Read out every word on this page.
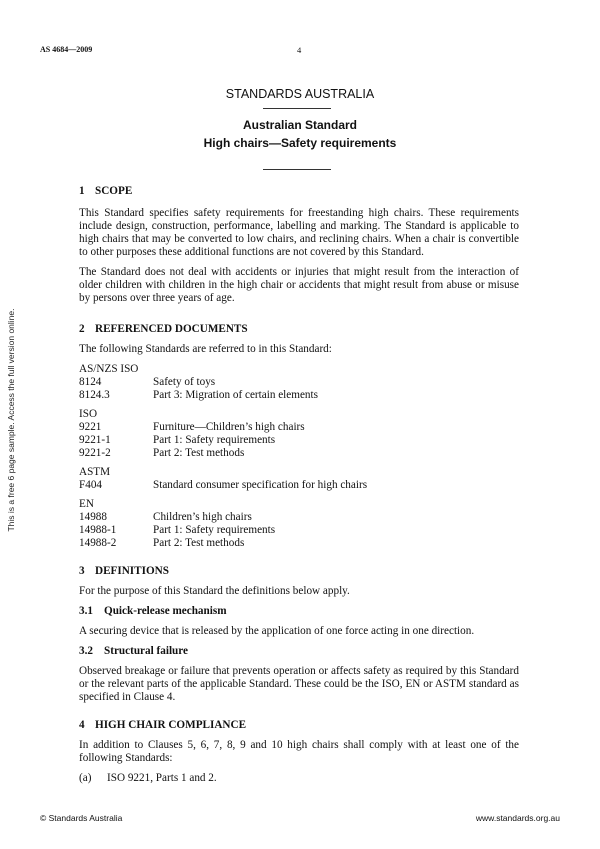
AS 4684—2009	4
This is a free 6 page sample. Access the full version online.
STANDARDS AUSTRALIA
Australian Standard
High chairs—Safety requirements
1 SCOPE

This Standard specifies safety requirements for freestanding high chairs. These requirements include design, construction, performance, labelling and marking. The Standard is applicable to high chairs that may be converted to low chairs, and reclining chairs. When a chair is convertible to other purposes these additional functions are not covered by this Standard.

The Standard does not deal with accidents or injuries that might result from the interaction of older children with children in the high chair or accidents that might result from abuse or misuse by persons over three years of age.

2 REFERENCED DOCUMENTS

The following Standards are referred to in this Standard:

AS/NZS ISO
8124	Safety of toys
8124.3	Part 3: Migration of certain elements
ISO
9221	Furniture—Children’s high chairs
9221-1	Part 1: Safety requirements
9221-2	Part 2: Test methods
ASTM
F404	Standard consumer specification for high chairs
EN
14988	Children’s high chairs
14988-1	Part 1: Safety requirements
14988-2	Part 2: Test methods
3 DEFINITIONS

For the purpose of this Standard the definitions below apply.

3.1 Quick-release mechanism

A securing device that is released by the application of one force acting in one direction.

3.2 Structural failure

Observed breakage or failure that prevents operation or affects safety as required by this Standard or the relevant parts of the applicable Standard. These could be the ISO, EN or ASTM standard as specified in Clause 4.

4 HIGH CHAIR COMPLIANCE

In addition to Clauses 5, 6, 7, 8, 9 and 10 high chairs shall comply with at least one of the following Standards:

(a)	ISO 9221, Parts 1 and 2.
© Standards Australia	www.standards.org.au
